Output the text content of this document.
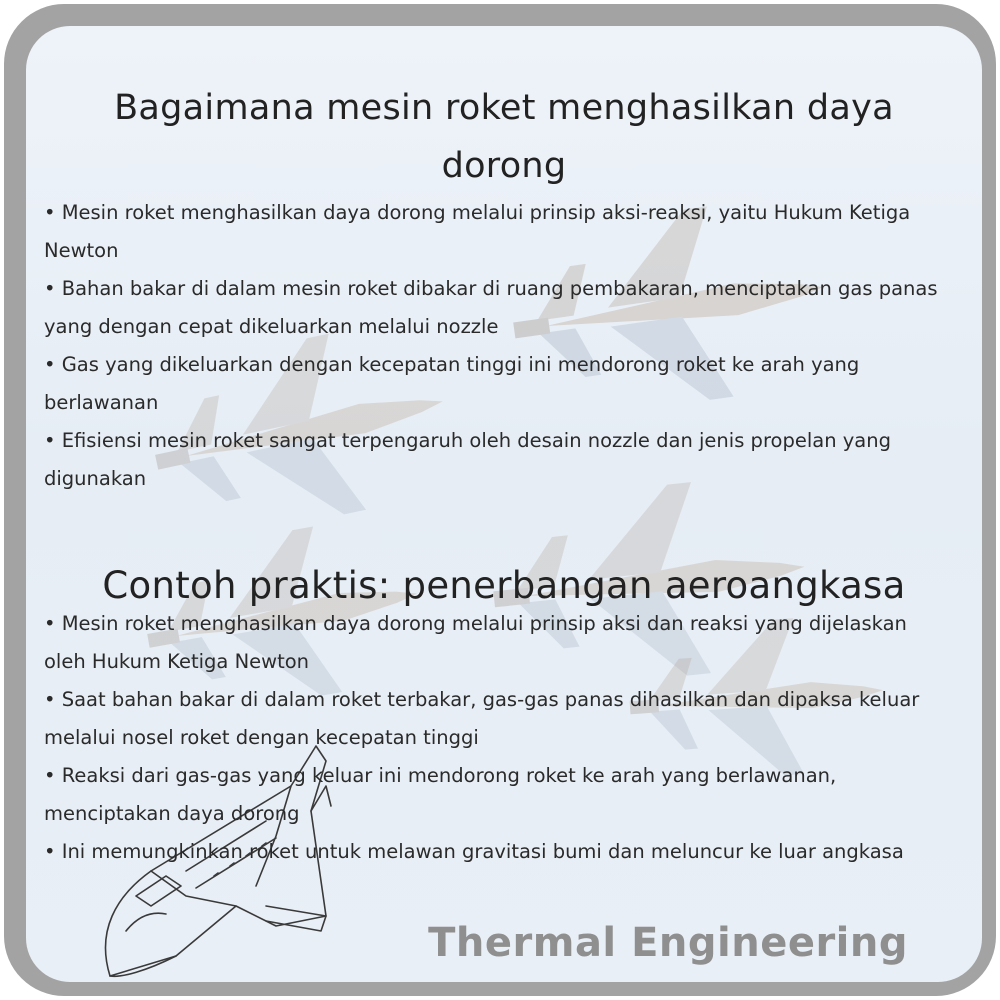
Bagaimana mesin roket menghasilkan daya dorong
• Mesin roket menghasilkan daya dorong melalui prinsip aksi-reaksi, yaitu Hukum Ketiga Newton
• Bahan bakar di dalam mesin roket dibakar di ruang pembakaran, menciptakan gas panas yang dengan cepat dikeluarkan melalui nozzle
• Gas yang dikeluarkan dengan kecepatan tinggi ini mendorong roket ke arah yang berlawanan
• Efisiensi mesin roket sangat terpengaruh oleh desain nozzle dan jenis propelan yang digunakan
Contoh praktis: penerbangan aeroangkasa
• Mesin roket menghasilkan daya dorong melalui prinsip aksi dan reaksi yang dijelaskan oleh Hukum Ketiga Newton
• Saat bahan bakar di dalam roket terbakar, gas-gas panas dihasilkan dan dipaksa keluar melalui nosel roket dengan kecepatan tinggi
• Reaksi dari gas-gas yang keluar ini mendorong roket ke arah yang berlawanan, menciptakan daya dorong
• Ini memungkinkan roket untuk melawan gravitasi bumi dan meluncur ke luar angkasa
Thermal Engineering
